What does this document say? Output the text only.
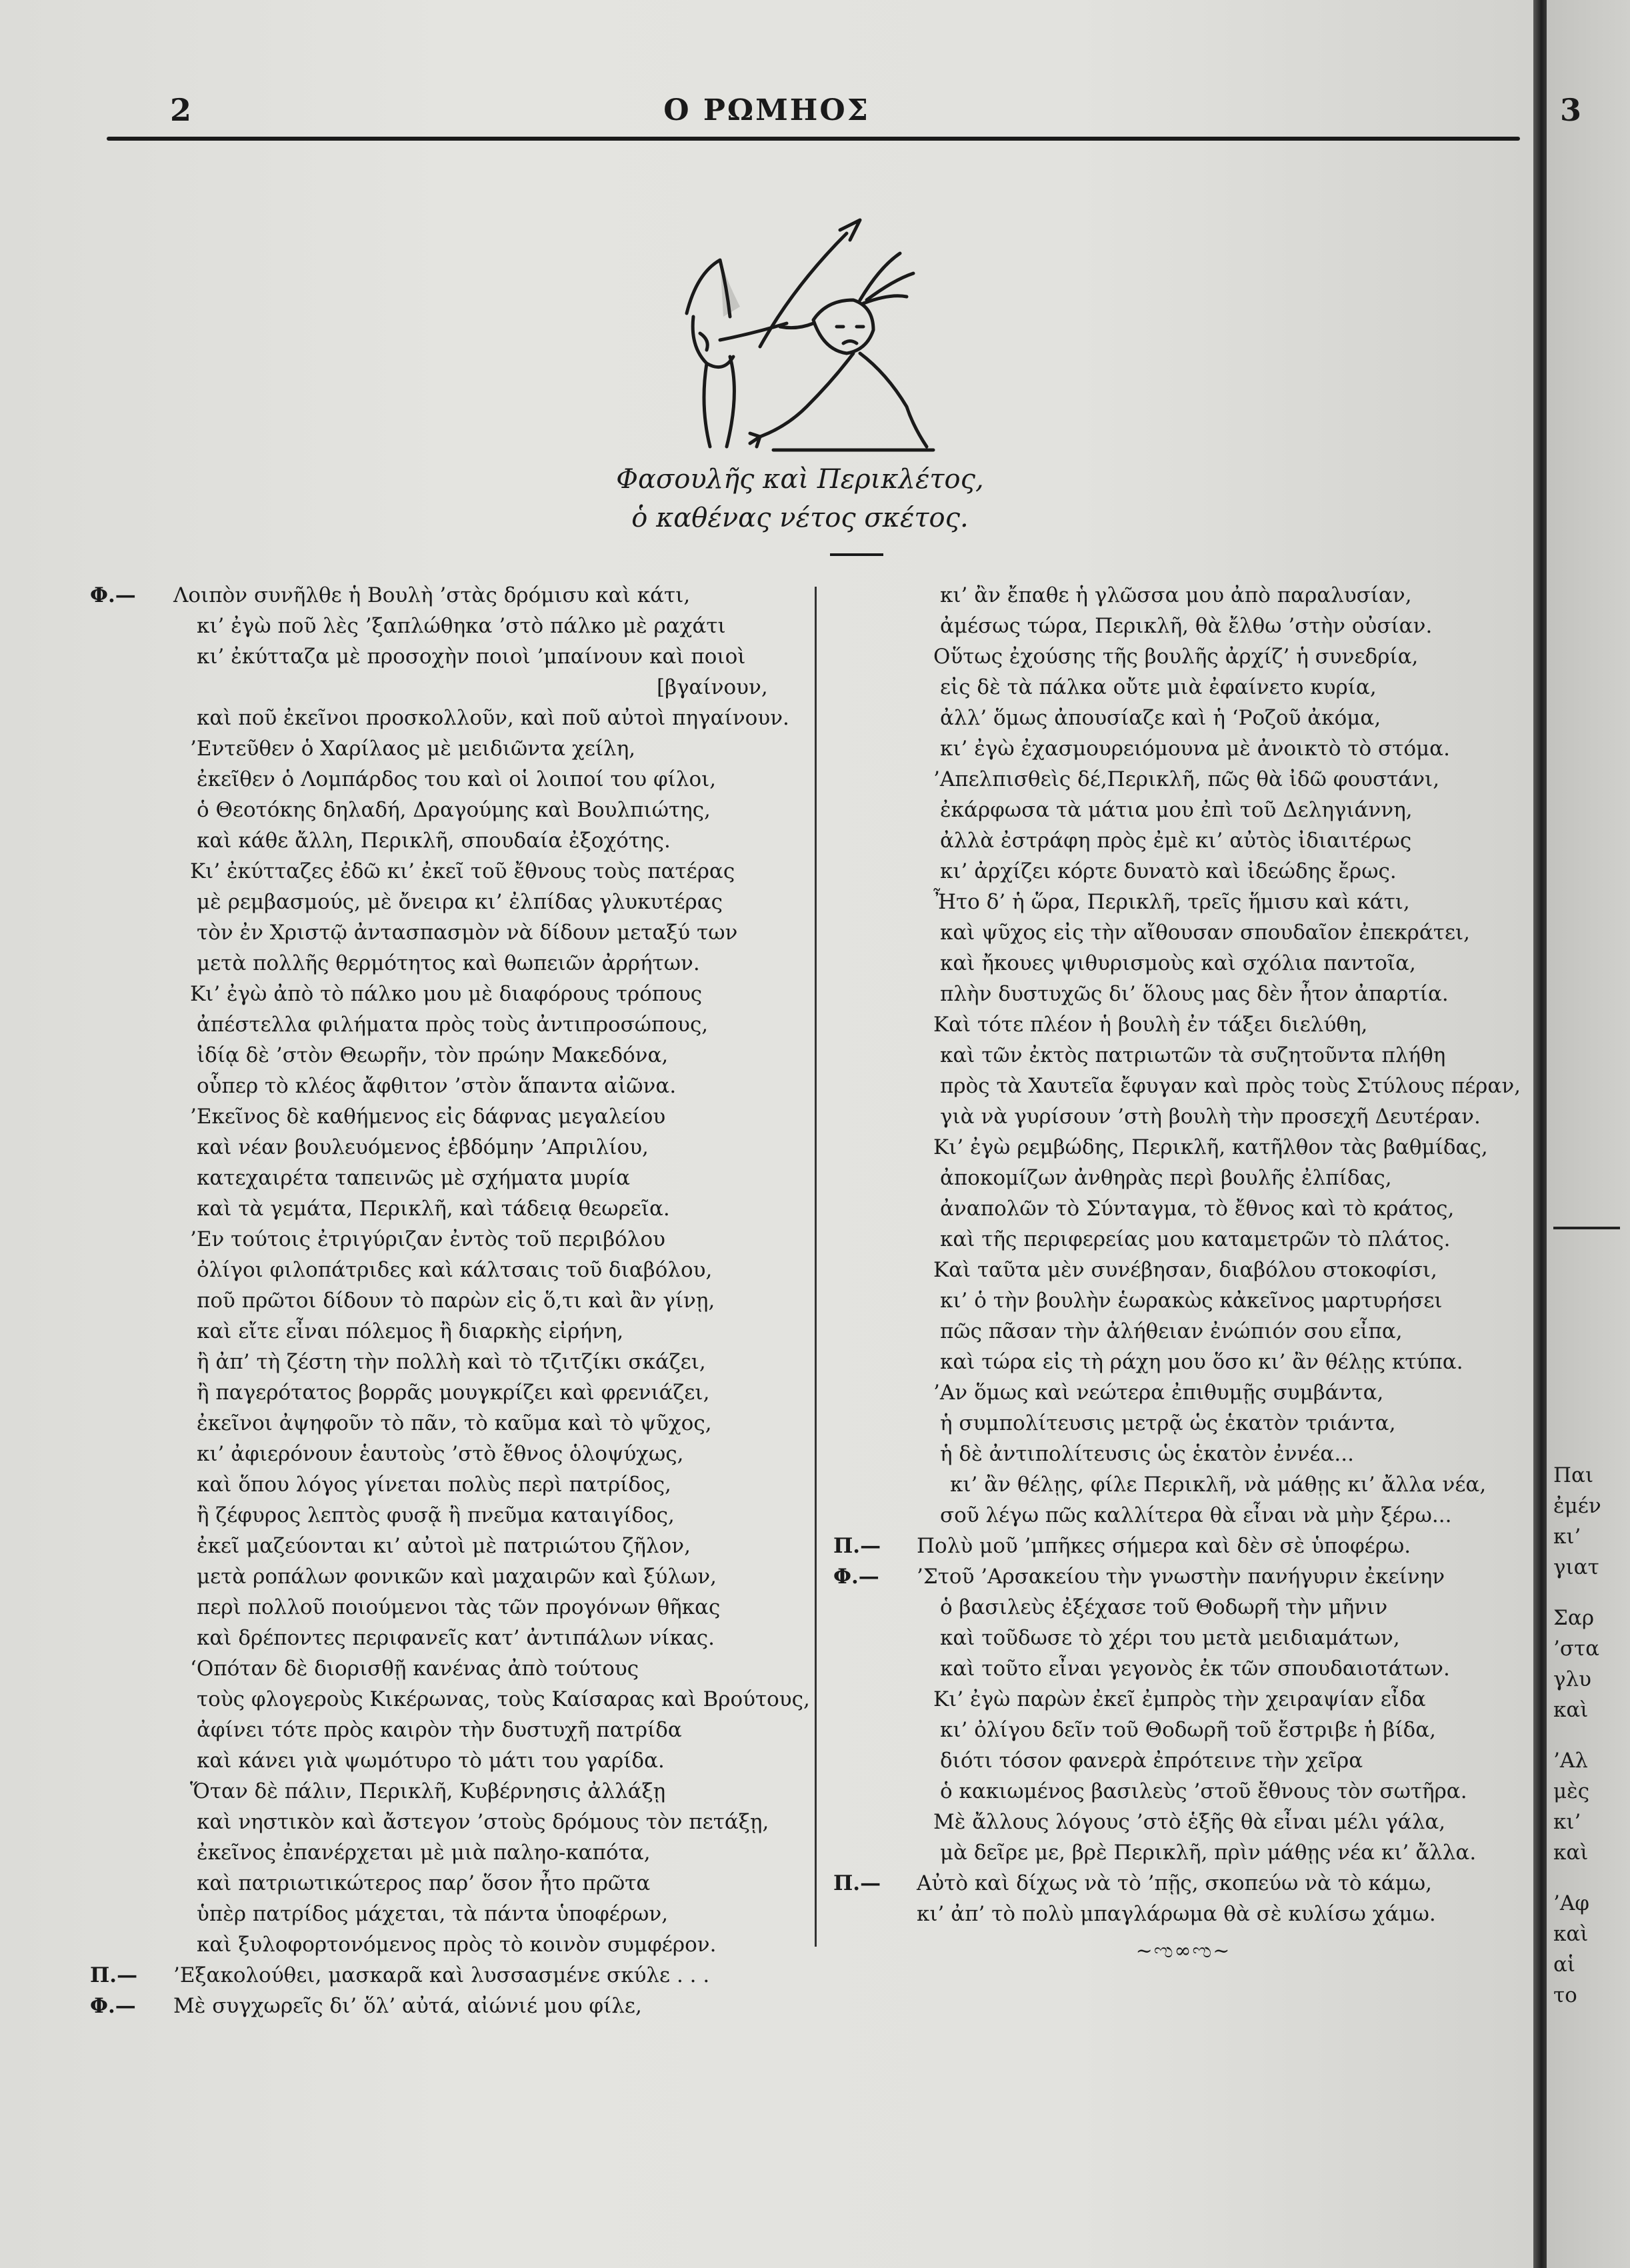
2	Ο ΡΩΜΗΟΣ
Φασουλῆς καὶ Περικλέτος,
ὁ καθένας νέτος σκέτος.
Φ.— Λοιπὸν συνῆλθε ἡ Βουλὴ ’στὰς δρόμισυ καὶ κάτι,
κι’ ἐγὼ ποῦ λὲς ’ξαπλώθηκα ’στὸ πάλκο μὲ ραχάτι
κι’ ἐκύτταζα μὲ προσοχὴν ποιοὶ ’μπαίνουν καὶ ποιοὶ
[βγαίνουν,
καὶ ποῦ ἐκεῖνοι προσκολλοῦν, καὶ ποῦ αὐτοὶ πηγαίνουν.
’Εντεῦθεν ὁ Χαρίλαος μὲ μειδιῶντα χείλη,
ἐκεῖθεν ὁ Λομπάρδος του καὶ οἱ λοιποί του φίλοι,
ὁ Θεοτόκης δηλαδή, Δραγούμης καὶ Βουλπιώτης,
καὶ κάθε ἄλλη, Περικλῆ, σπουδαία ἐξοχότης.
Κι’ ἐκύτταζες ἐδῶ κι’ ἐκεῖ τοῦ ἔθνους τοὺς πατέρας
μὲ ρεμβασμούς, μὲ ὄνειρα κι’ ἐλπίδας γλυκυτέρας
τὸν ἐν Χριστῷ ἀντασπασμὸν νὰ δίδουν μεταξύ των
μετὰ πολλῆς θερμότητος καὶ θωπειῶν ἀρρήτων.
Κι’ ἐγὼ ἀπὸ τὸ πάλκο μου μὲ διαφόρους τρόπους
ἀπέστελλα φιλήματα πρὸς τοὺς ἀντιπροσώπους,
ἰδίᾳ δὲ ’στὸν Θεωρῆν, τὸν πρώην Μακεδόνα,
οὗπερ τὸ κλέος ἄφθιτον ’στὸν ἅπαντα αἰῶνα.
’Εκεῖνος δὲ καθήμενος εἰς δάφνας μεγαλείου
καὶ νέαν βουλευόμενος ἑβδόμην ’Απριλίου,
κατεχαιρέτα ταπεινῶς μὲ σχήματα μυρία
καὶ τὰ γεμάτα, Περικλῆ, καὶ τάδειᾳ θεωρεῖα.
’Εν τούτοις ἐτριγύριζαν ἐντὸς τοῦ περιβόλου
ὀλίγοι φιλοπάτριδες καὶ κάλτσαις τοῦ διαβόλου,
ποῦ πρῶτοι δίδουν τὸ παρὼν εἰς ὅ,τι καὶ ἂν γίνῃ,
καὶ εἴτε εἶναι πόλεμος ἢ διαρκὴς εἰρήνη,
ἢ ἀπ’ τὴ ζέστη τὴν πολλὴ καὶ τὸ τζιτζίκι σκάζει,
ἢ παγερότατος βορρᾶς μουγκρίζει καὶ φρενιάζει,
ἐκεῖνοι ἀψηφοῦν τὸ πᾶν, τὸ καῦμα καὶ τὸ ψῦχος,
κι’ ἀφιερόνουν ἑαυτοὺς ’στὸ ἔθνος ὁλοψύχως,
καὶ ὅπου λόγος γίνεται πολὺς περὶ πατρίδος,
ἢ ζέφυρος λεπτὸς φυσᾷ ἢ πνεῦμα καταιγίδος,
ἐκεῖ μαζεύονται κι’ αὐτοὶ μὲ πατριώτου ζῆλον,
μετὰ ροπάλων φονικῶν καὶ μαχαιρῶν καὶ ξύλων,
περὶ πολλοῦ ποιούμενοι τὰς τῶν προγόνων θῆκας
καὶ δρέποντες περιφανεῖς κατ’ ἀντιπάλων νίκας.
‘Οπόταν δὲ διορισθῇ κανένας ἀπὸ τούτους
τοὺς φλογεροὺς Κικέρωνας, τοὺς Καίσαρας καὶ Βρούτους,
ἀφίνει τότε πρὸς καιρὸν τὴν δυστυχῆ πατρίδα
καὶ κάνει γιὰ ψωμότυρο τὸ μάτι του γαρίδα.
Ὅταν δὲ πάλιν, Περικλῆ, Κυβέρνησις ἀλλάξῃ
καὶ νηστικὸν καὶ ἄστεγον ’στοὺς δρόμους τὸν πετάξῃ,
ἐκεῖνος ἐπανέρχεται μὲ μιὰ παληο-καπότα,
καὶ πατριωτικώτερος παρ’ ὅσον ἦτο πρῶτα
ὑπὲρ πατρίδος μάχεται, τὰ πάντα ὑποφέρων,
καὶ ξυλοφορτονόμενος πρὸς τὸ κοινὸν συμφέρον.
Π.— ’Εξακολούθει, μασκαρᾶ καὶ λυσσασμένε σκύλε . . .
Φ.— Μὲ συγχωρεῖς δι’ ὅλ’ αὐτά, αἰώνιέ μου φίλε,
κι’ ἂν ἔπαθε ἡ γλῶσσα μου ἀπὸ παραλυσίαν,
ἀμέσως τώρα, Περικλῆ, θὰ ἔλθω ’στὴν οὐσίαν.
Οὕτως ἐχούσης τῆς βουλῆς ἀρχίζ’ ἡ συνεδρία,
εἰς δὲ τὰ πάλκα οὔτε μιὰ ἐφαίνετο κυρία,
ἀλλ’ ὅμως ἀπουσίαζε καὶ ἡ ‘Ροζοῦ ἀκόμα,
κι’ ἐγὼ ἐχασμουρειόμουνα μὲ ἀνοικτὸ τὸ στόμα.
’Απελπισθεὶς δέ,Περικλῆ, πῶς θὰ ἰδῶ φουστάνι,
ἐκάρφωσα τὰ μάτια μου ἐπὶ τοῦ Δεληγιάννη,
ἀλλὰ ἐστράφη πρὸς ἐμὲ κι’ αὐτὸς ἰδιαιτέρως
κι’ ἀρχίζει κόρτε δυνατὸ καὶ ἰδεώδης ἔρως.
Ἦτο δ’ ἡ ὥρα, Περικλῆ, τρεῖς ἥμισυ καὶ κάτι,
καὶ ψῦχος εἰς τὴν αἴθουσαν σπουδαῖον ἐπεκράτει,
καὶ ἤκουες ψιθυρισμοὺς καὶ σχόλια παντοῖα,
πλὴν δυστυχῶς δι’ ὅλους μας δὲν ἦτον ἀπαρτία.
Καὶ τότε πλέον ἡ βουλὴ ἐν τάξει διελύθη,
καὶ τῶν ἐκτὸς πατριωτῶν τὰ συζητοῦντα πλήθη
πρὸς τὰ Χαυτεῖα ἔφυγαν καὶ πρὸς τοὺς Στύλους πέραν,
γιὰ νὰ γυρίσουν ’στὴ βουλὴ τὴν προσεχῆ Δευτέραν.
Κι’ ἐγὼ ρεμβώδης, Περικλῆ, κατῆλθον τὰς βαθμίδας,
ἀποκομίζων ἀνθηρὰς περὶ βουλῆς ἐλπίδας,
ἀναπολῶν τὸ Σύνταγμα, τὸ ἔθνος καὶ τὸ κράτος,
καὶ τῆς περιφερείας μου καταμετρῶν τὸ πλάτος.
Καὶ ταῦτα μὲν συνέβησαν, διαβόλου στοκοφίσι,
κι’ ὁ τὴν βουλὴν ἑωρακὼς κἀκεῖνος μαρτυρήσει
πῶς πᾶσαν τὴν ἀλήθειαν ἐνώπιόν σου εἶπα,
καὶ τώρα εἰς τὴ ράχη μου ὅσο κι’ ἂν θέλῃς κτύπα.
’Αν ὅμως καὶ νεώτερα ἐπιθυμῇς συμβάντα,
ἡ συμπολίτευσις μετρᾷ ὡς ἑκατὸν τριάντα,
ἡ δὲ ἀντιπολίτευσις ὡς ἑκατὸν ἐννέα...
κι’ ἂν θέλῃς, φίλε Περικλῆ, νὰ μάθῃς κι’ ἄλλα νέα,
σοῦ λέγω πῶς καλλίτερα θὰ εἶναι νὰ μὴν ξέρω...
Π.— Πολὺ μοῦ ’μπῆκες σήμερα καὶ δὲν σὲ ὑποφέρω.
Φ.— ’Στοῦ ’Αρσακείου τὴν γνωστὴν πανήγυριν ἐκείνην
ὁ βασιλεὺς ἐξέχασε τοῦ Θοδωρῆ τὴν μῆνιν
καὶ τοῦδωσε τὸ χέρι του μετὰ μειδιαμάτων,
καὶ τοῦτο εἶναι γεγονὸς ἐκ τῶν σπουδαιοτάτων.
Κι’ ἐγὼ παρὼν ἐκεῖ ἐμπρὸς τὴν χειραψίαν εἶδα
κι’ ὀλίγου δεῖν τοῦ Θοδωρῆ τοῦ ἔστριβε ἡ βίδα,
διότι τόσον φανερὰ ἐπρότεινε τὴν χεῖρα
ὁ κακιωμένος βασιλεὺς ’στοῦ ἔθνους τὸν σωτῆρα.
Μὲ ἄλλους λόγους ’στὸ ἑξῆς θὰ εἶναι μέλι γάλα,
μὰ δεῖρε με, βρὲ Περικλῆ, πρὶν μάθῃς νέα κι’ ἄλλα.
Π.— Αὐτὸ καὶ δίχως νὰ τὸ ’πῇς, σκοπεύω νὰ τὸ κάμω,
κι’ ἀπ’ τὸ πολὺ μπαγλάρωμα θὰ σὲ κυλίσω χάμω.
~ಌ∞ಌ~
3
Παι
ἐμέν
κι’
γιατ
Σαρ
’στα
γλυ
καὶ
’Αλ
μὲς
κι’
καὶ
’Αφ
καὶ
αἱ
το
